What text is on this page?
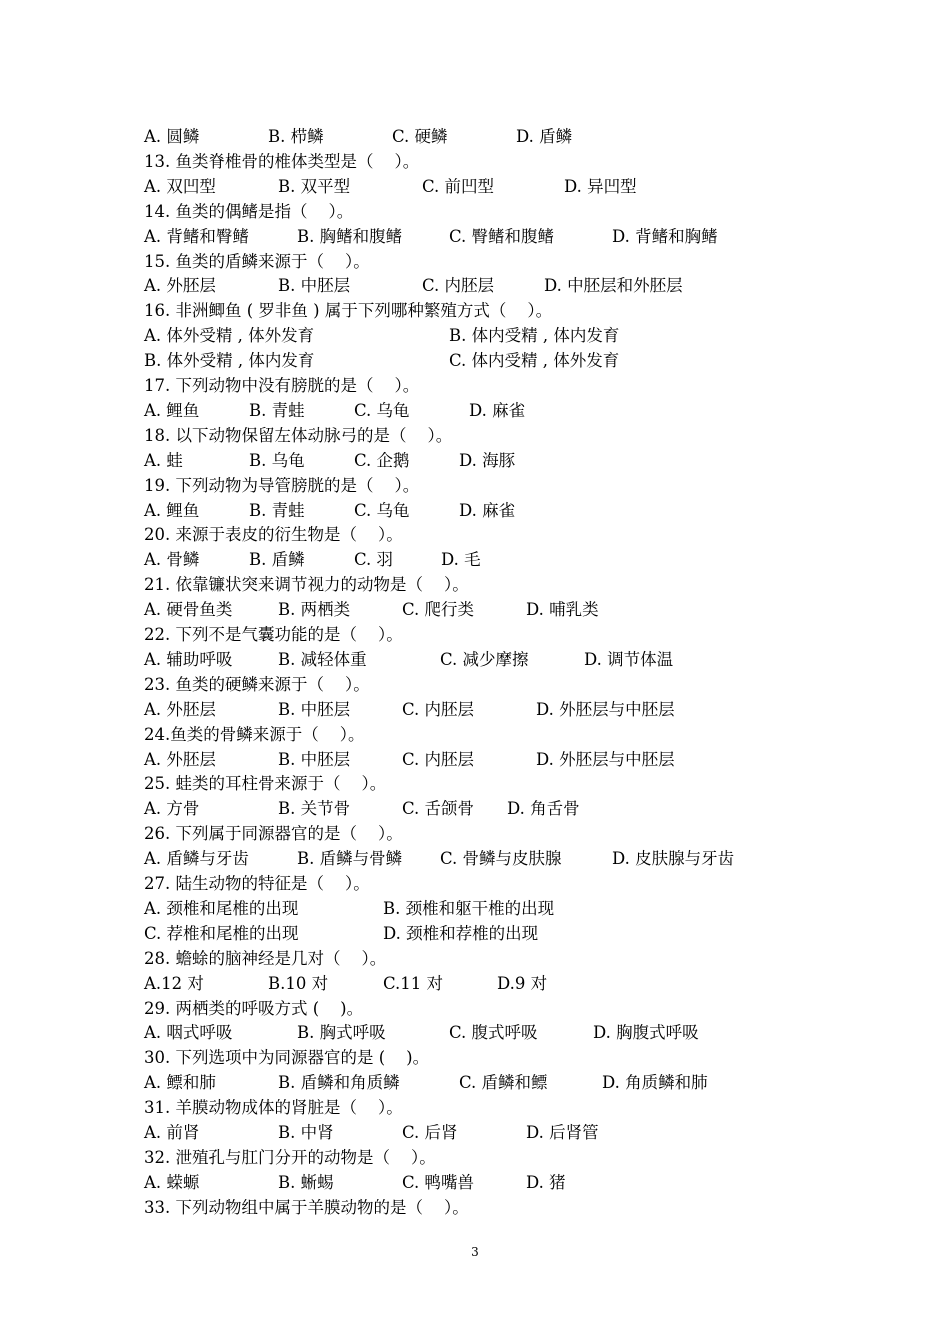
A. 圆鳞	B. 栉鳞	C. 硬鳞	D. 盾鳞
13. 鱼类脊椎骨的椎体类型是（    ）。
A. 双凹型	B. 双平型	C. 前凹型	D. 异凹型
14. 鱼类的偶鳍是指（    ）。
A. 背鳍和臀鳍	B. 胸鳍和腹鳍	C. 臀鳍和腹鳍	D. 背鳍和胸鳍
15. 鱼类的盾鳞来源于（    ）。
A. 外胚层	B. 中胚层	C. 内胚层	D. 中胚层和外胚层
16. 非洲鲫鱼 ( 罗非鱼 ) 属于下列哪种繁殖方式（    ）。
A. 体外受精 , 体外发育	B. 体内受精 , 体内发育
B. 体外受精 , 体内发育	C. 体内受精 , 体外发育
17. 下列动物中没有膀胱的是（    ）。
A. 鲤鱼	B. 青蛙	C. 乌龟	D. 麻雀
18. 以下动物保留左体动脉弓的是（    ）。
A. 蛙	B. 乌龟	C. 企鹅	D. 海豚
19. 下列动物为导管膀胱的是（    ）。
A. 鲤鱼	B. 青蛙	C. 乌龟	D. 麻雀
20. 来源于表皮的衍生物是（    ）。
A. 骨鳞	B. 盾鳞	C. 羽	D. 毛
21. 依靠镰状突来调节视力的动物是（    ）。
A. 硬骨鱼类	B. 两栖类	C. 爬行类	D. 哺乳类
22. 下列不是气囊功能的是（    ）。
A. 辅助呼吸	B. 减轻体重	C. 减少摩擦	D. 调节体温
23. 鱼类的硬鳞来源于（    ）。
A. 外胚层	B. 中胚层	C. 内胚层	D. 外胚层与中胚层
24.鱼类的骨鳞来源于（    ）。
A. 外胚层	B. 中胚层	C. 内胚层	D. 外胚层与中胚层
25. 蛙类的耳柱骨来源于（    ）。
A. 方骨	B. 关节骨	C. 舌颌骨 D. 角舌骨
26. 下列属于同源器官的是（    ）。
A. 盾鳞与牙齿	B. 盾鳞与骨鳞 C. 骨鳞与皮肤腺	D. 皮肤腺与牙齿
27. 陆生动物的特征是（    ）。
A. 颈椎和尾椎的出现	B. 颈椎和躯干椎的出现
C. 荐椎和尾椎的出现	D. 颈椎和荐椎的出现
28. 蟾蜍的脑神经是几对（    ）。
A.12 对	B.10 对	C.11 对	D.9 对
29. 两栖类的呼吸方式 (    )。
A. 咽式呼吸	B. 胸式呼吸	C. 腹式呼吸	D. 胸腹式呼吸
30. 下列选项中为同源器官的是 (    )。
A. 鳔和肺	B. 盾鳞和角质鳞	C. 盾鳞和鳔	D. 角质鳞和肺
31. 羊膜动物成体的肾脏是（    ）。
A. 前肾	B. 中肾	C. 后肾	D. 后肾管
32. 泄殖孔与肛门分开的动物是（    ）。
A. 蝾螈	B. 蜥蜴	C. 鸭嘴兽	D. 猪
33. 下列动物组中属于羊膜动物的是（    ）。
3
